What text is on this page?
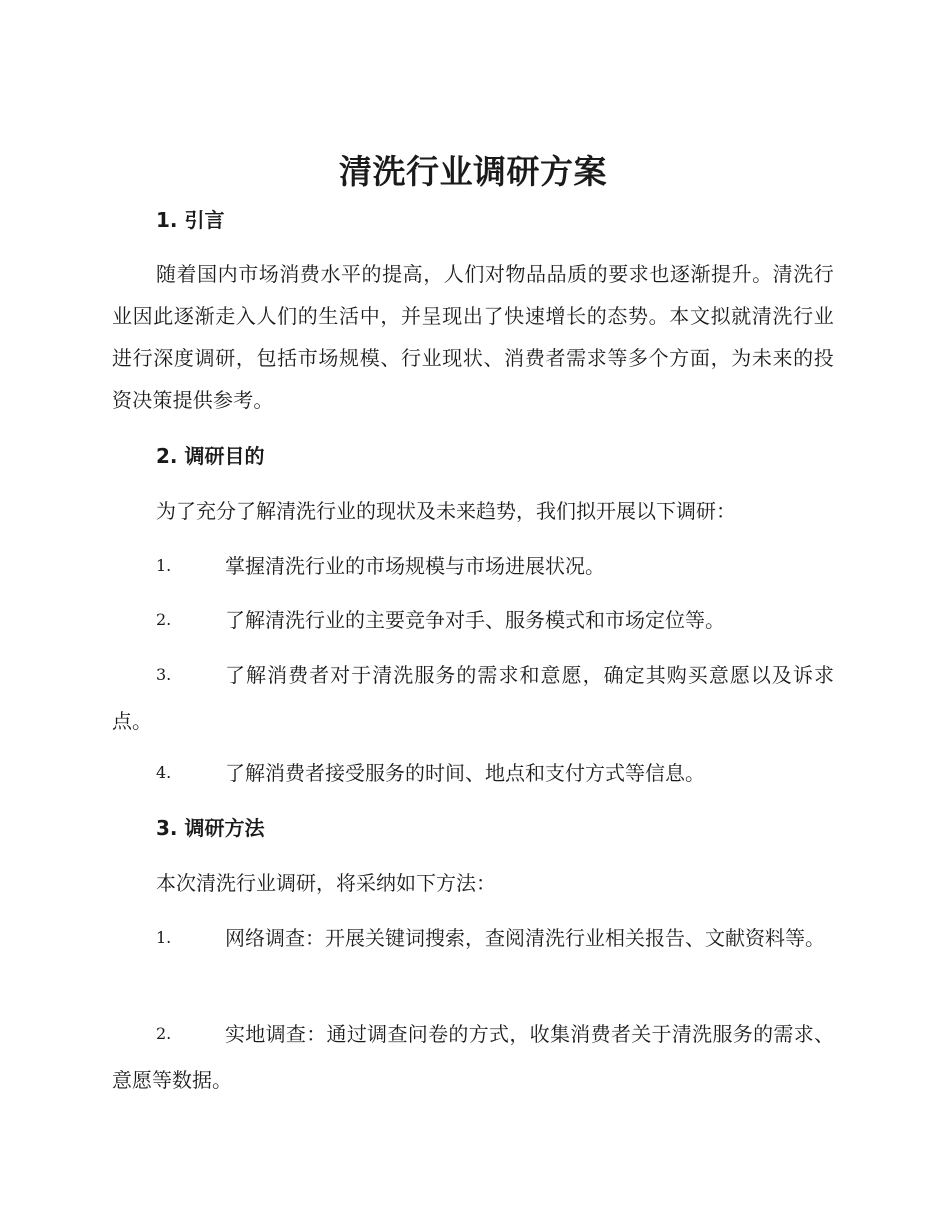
清洗行业调研方案
1. 引言

随着国内市场消费水平的提高，人们对物品品质的要求也逐渐提升。清洗行业因此逐渐走入人们的生活中，并呈现出了快速增长的态势。本文拟就清洗行业进行深度调研，包括市场规模、行业现状、消费者需求等多个方面，为未来的投资决策提供参考。

2. 调研目的
为了充分了解清洗行业的现状及未来趋势，我们拟开展以下调研：
1.	掌握清洗行业的市场规模与市场进展状况。
2.	了解清洗行业的主要竞争对手、服务模式和市场定位等。
3.	了解消费者对于清洗服务的需求和意愿，确定其购买意愿以及诉求点。
4.	了解消费者接受服务的时间、地点和支付方式等信息。
3. 调研方法
本次清洗行业调研，将采纳如下方法：
1.	网络调查：开展关键词搜索，查阅清洗行业相关报告、文献资料等。
2.	实地调查：通过调查问卷的方式，收集消费者关于清洗服务的需求、意愿等数据。
